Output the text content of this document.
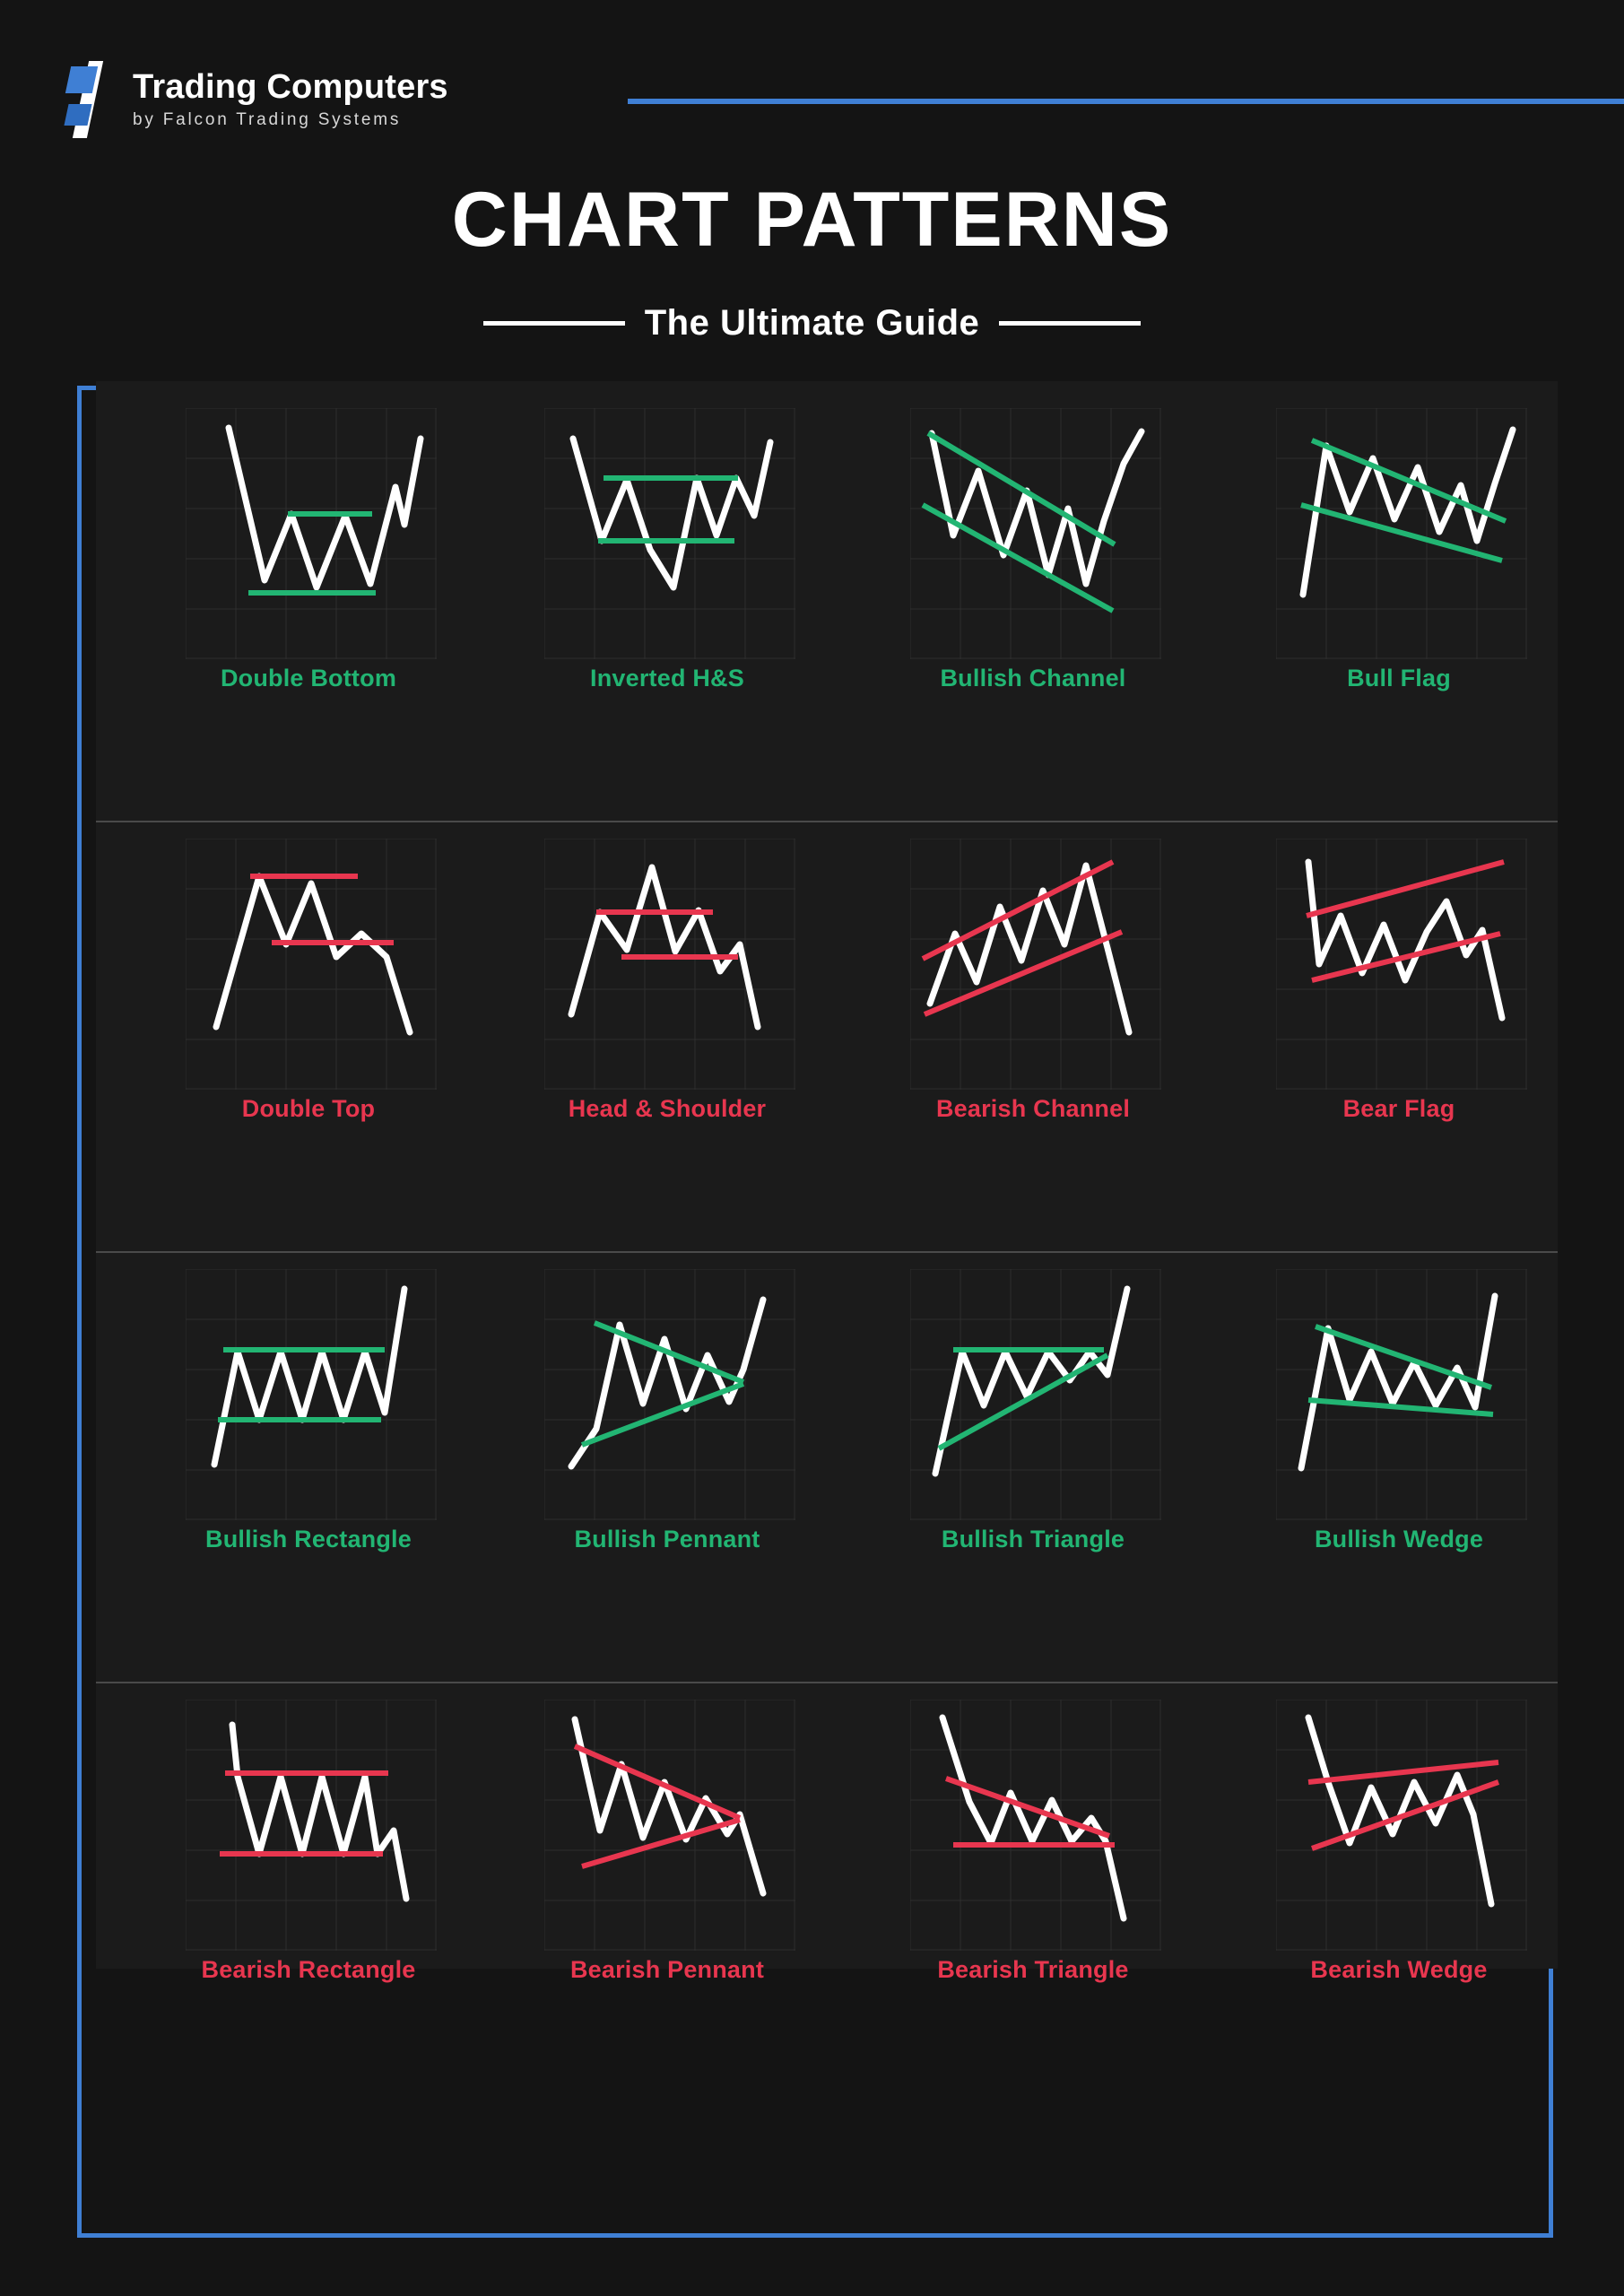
Trading Computers
by Falcon Trading Systems
CHART PATTERNS
The Ultimate Guide
Double Bottom	Inverted H&S	Bullish Channel	Bull Flag
Double Top	Head & Shoulder	Bearish Channel	Bear Flag
Bullish Rectangle	Bullish Pennant	Bullish Triangle	Bullish Wedge
Bearish Rectangle	Bearish Pennant	Bearish Triangle	Bearish Wedge
